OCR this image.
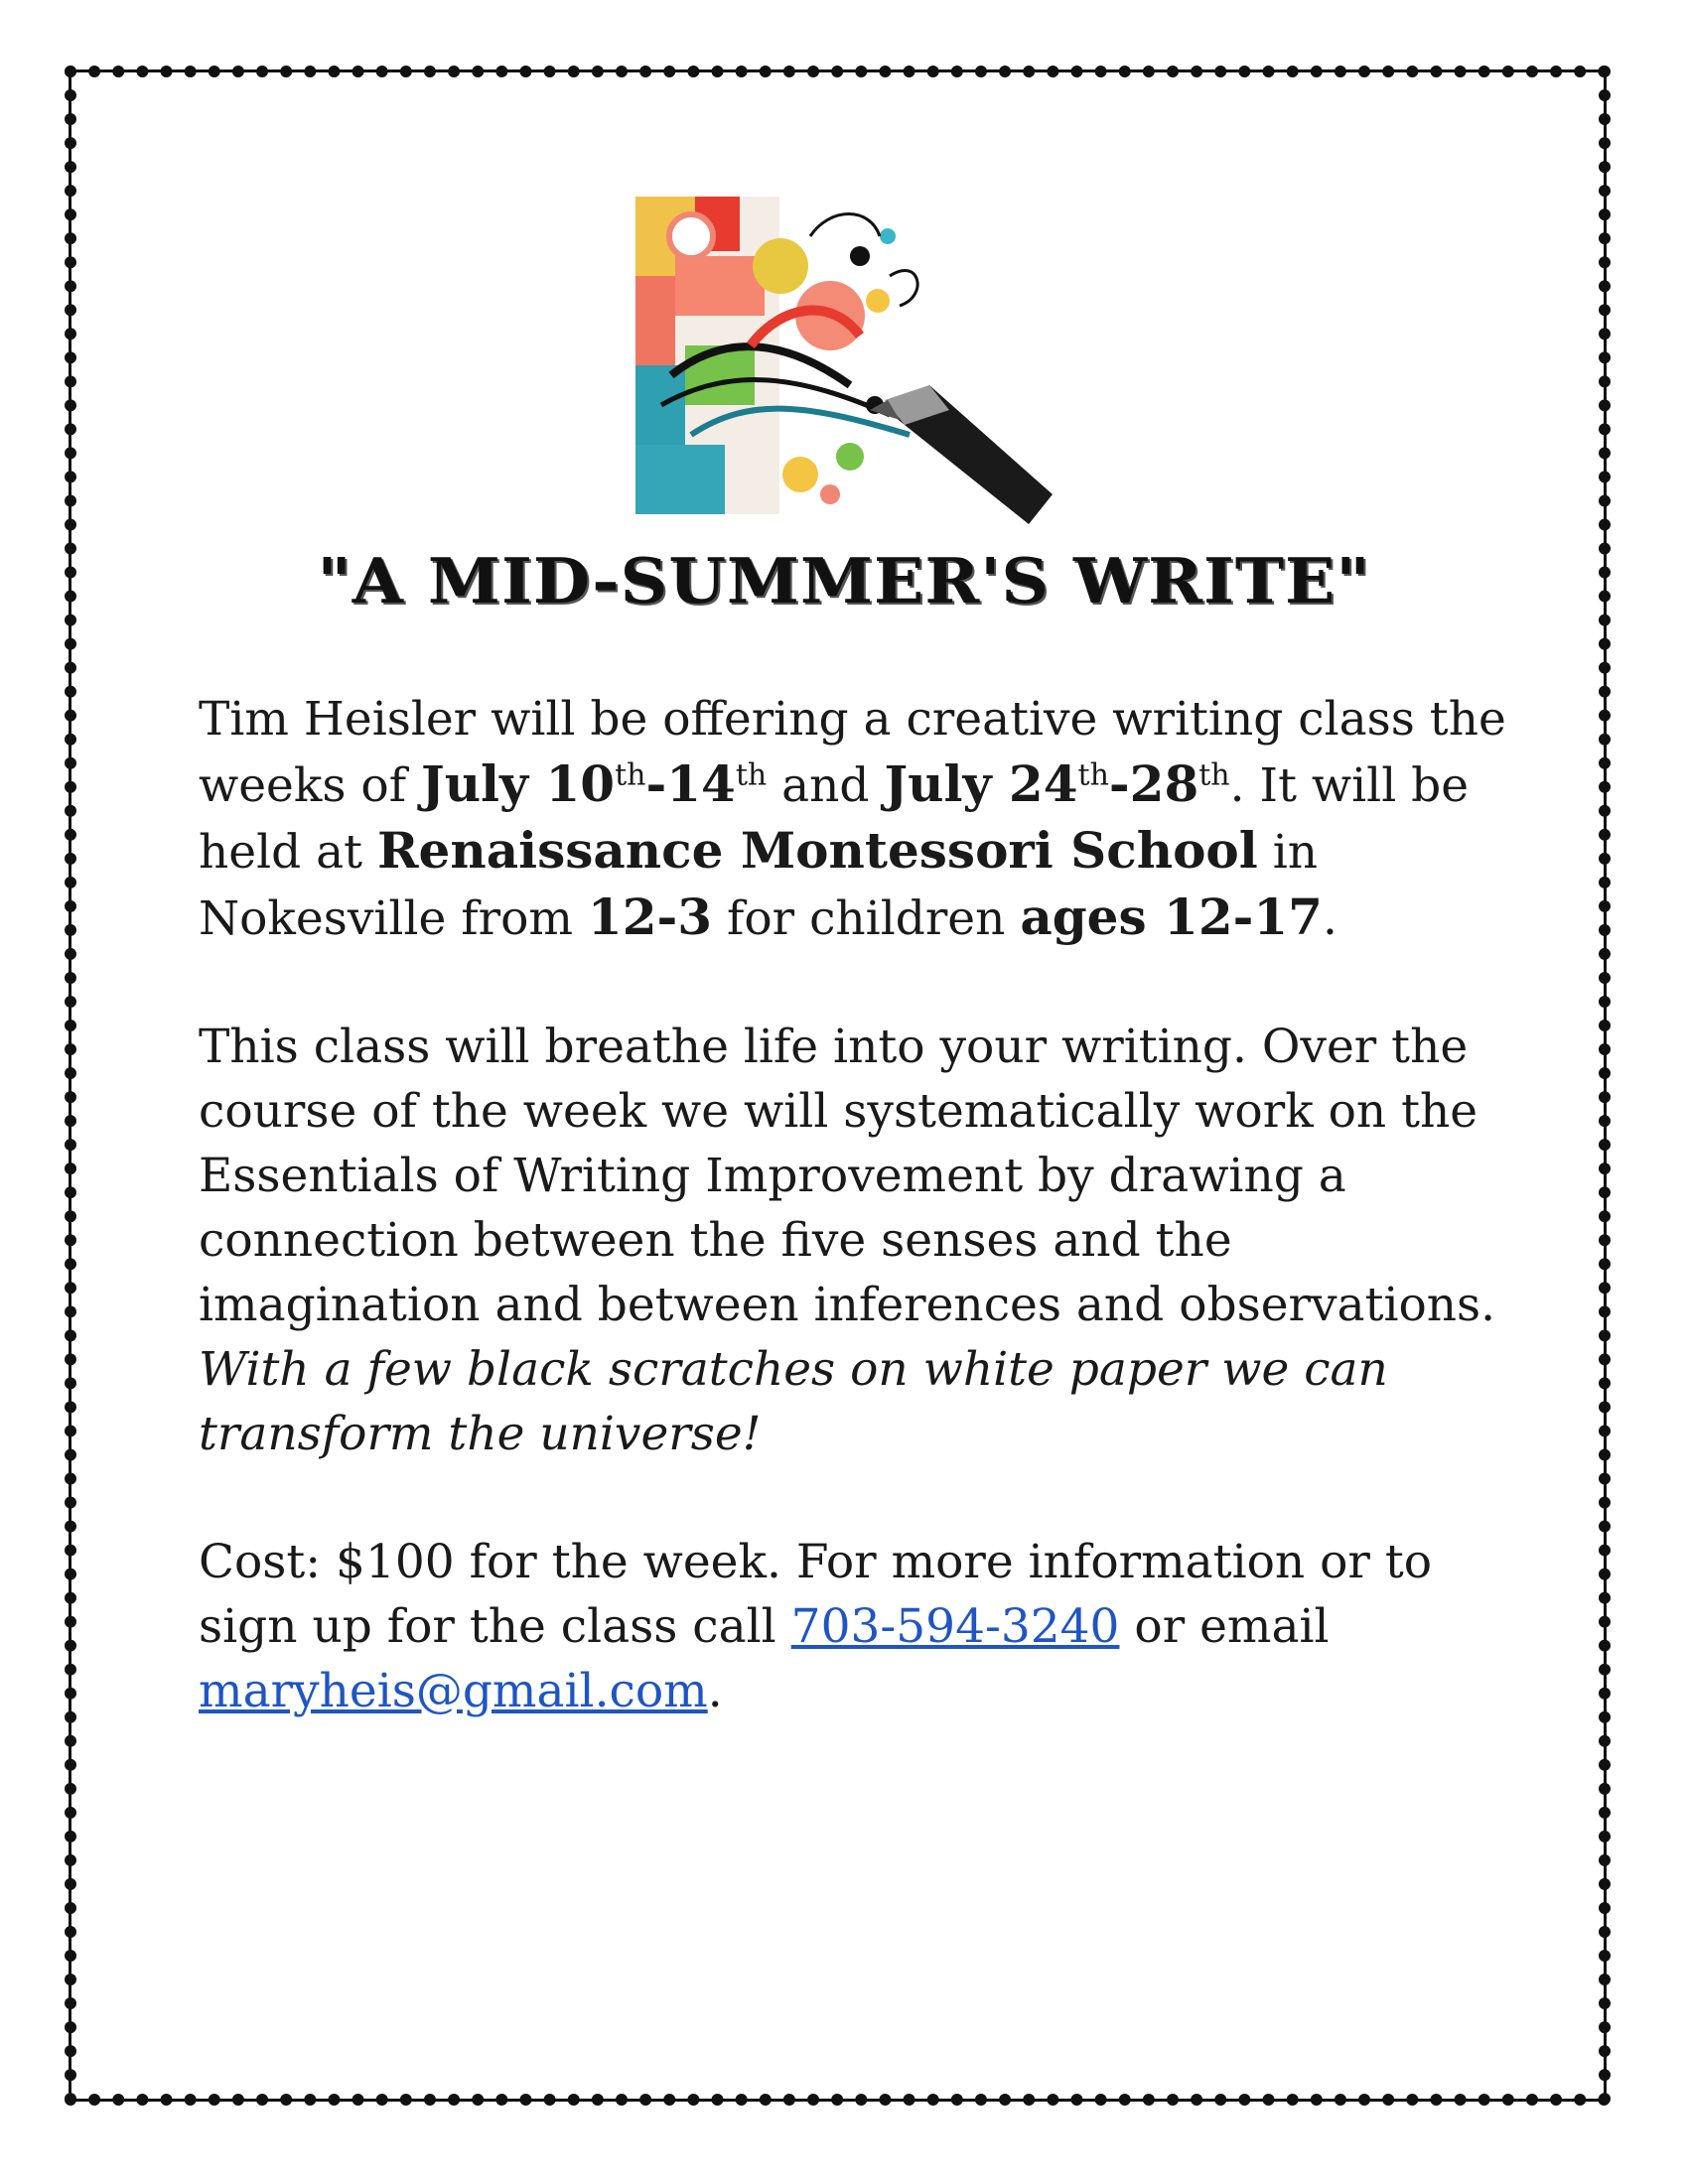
"A MID-SUMMER'S WRITE"

Tim Heisler will be offering a creative writing class the weeks of July 10th-14th and July 24th-28th. It will be held at Renaissance Montessori School in Nokesville from 12-3 for children ages 12-17.

This class will breathe life into your writing. Over the course of the week we will systematically work on the Essentials of Writing Improvement by drawing a connection between the five senses and the imagination and between inferences and observations. With a few black scratches on white paper we can transform the universe!

Cost: $100 for the week. For more information or to sign up for the class call 703-594-3240 or email maryheis@gmail.com.
